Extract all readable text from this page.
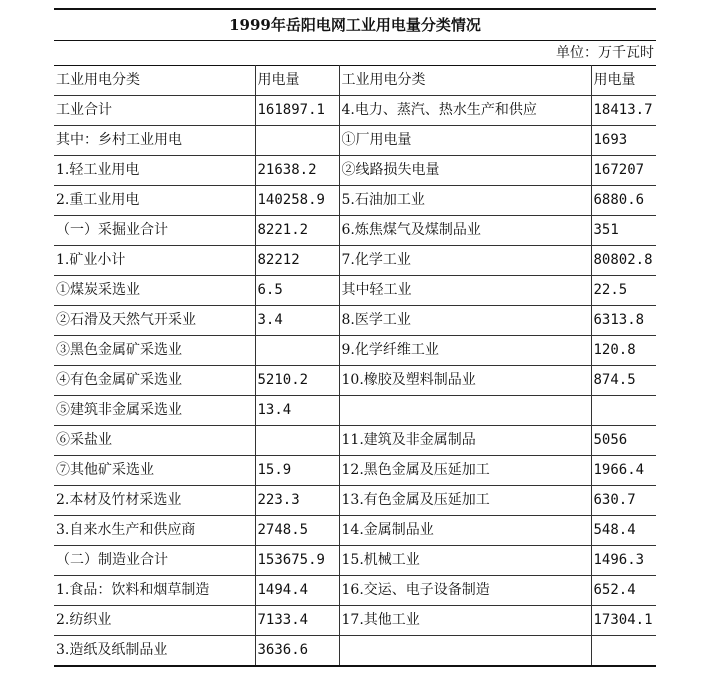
1999年岳阳电网工业用电量分类情况
单位：万千瓦时
工业用电分类	用电量	工业用电分类	用电量
工业合计	161897.1	4.电力、蒸汽、热水生产和供应	18413.7
其中：乡村工业用电		①厂用电量	1693
1.轻工业用电	21638.2	②线路损失电量	167207
2.重工业用电	140258.9	5.石油加工业	6880.6
（一）采掘业合计	8221.2	6.炼焦煤气及煤制品业	351
1.矿业小计	82212	7.化学工业	80802.8
①煤炭采选业	6.5	其中轻工业	22.5
②石滑及天然气开采业	3.4	8.医学工业	6313.8
③黑色金属矿采选业		9.化学纤维工业	120.8
④有色金属矿采选业	5210.2	10.橡胶及塑料制品业	874.5
⑤建筑非金属采选业	13.4		
⑥采盐业		11.建筑及非金属制品	5056
⑦其他矿采选业	15.9	12.黑色金属及压延加工	1966.4
2.本材及竹材采选业	223.3	13.有色金属及压延加工	630.7
3.自来水生产和供应商	2748.5	14.金属制品业	548.4
（二）制造业合计	153675.9	15.机械工业	1496.3
1.食品：饮料和烟草制造	1494.4	16.交运、电子设备制造	652.4
2.纺织业	7133.4	17.其他工业	17304.1
3.造纸及纸制品业	3636.6		
